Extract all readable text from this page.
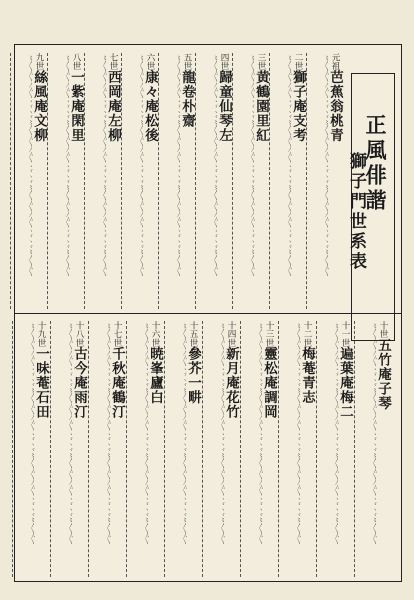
正風俳諧
獅子門世系表
元祖芭蕉翁桃青
〻〱〲〳〴〵ゝゞヽヾ〻〱〲〳〴〵ゝゞヽヾ〻〱〲〳〴〵ゝゞヽヾ〻〱〲
二世獅子庵支考
〻〱〲〳〴〵ゝゞヽヾ〻〱〲〳〴〵ゝゞヽヾ〻〱〲〳〴〵ゝゞヽヾ〻〱〲
三世黄鶴園里紅
〻〱〲〳〴〵ゝゞヽヾ〻〱〲〳〴〵ゝゞヽヾ〻〱〲〳〴〵ゝゞヽヾ〻〱〲
四世歸童仙琴左
〻〱〲〳〴〵ゝゞヽヾ〻〱〲〳〴〵ゝゞヽヾ〻〱〲〳〴〵ゝゞヽヾ〻〱〲
五世龍卷朴齋
〻〱〲〳〴〵ゝゞヽヾ〻〱〲〳〴〵ゝゞヽヾ〻〱〲〳〴〵ゝゞヽヾ〻〱〲
六世康々庵松後
〻〱〲〳〴〵ゝゞヽヾ〻〱〲〳〴〵ゝゞヽヾ〻〱〲〳〴〵ゝゞヽヾ〻〱〲
七世西岡庵左柳
〻〱〲〳〴〵ゝゞヽヾ〻〱〲〳〴〵ゝゞヽヾ〻〱〲〳〴〵ゝゞヽヾ〻〱〲
八世一紫庵閑里
〻〱〲〳〴〵ゝゞヽヾ〻〱〲〳〴〵ゝゞヽヾ〻〱〲〳〴〵ゝゞヽヾ〻〱〲
九世絲風庵文柳
〻〱〲〳〴〵ゝゞヽヾ〻〱〲〳〴〵ゝゞヽヾ〻〱〲〳〴〵ゝゞヽヾ〻〱〲
十世五竹庵子琴
〻〱〲〳〴〵ゝゞヽヾ〻〱〲〳〴〵ゝゞヽヾ〻〱〲〳〴〵ゝゞヽヾ〻〱〲
十一世遍葉庵梅二
〻〱〲〳〴〵ゝゞヽヾ〻〱〲〳〴〵ゝゞヽヾ〻〱〲〳〴〵ゝゞヽヾ〻〱〲
十二世梅菴青志
〻〱〲〳〴〵ゝゞヽヾ〻〱〲〳〴〵ゝゞヽヾ〻〱〲〳〴〵ゝゞヽヾ〻〱〲
十三世靈松庵調岡
〻〱〲〳〴〵ゝゞヽヾ〻〱〲〳〴〵ゝゞヽヾ〻〱〲〳〴〵ゝゞヽヾ〻〱〲
十四世新月庵花竹
〻〱〲〳〴〵ゝゞヽヾ〻〱〲〳〴〵ゝゞヽヾ〻〱〲〳〴〵ゝゞヽヾ〻〱〲
十五世參芥一畊
〻〱〲〳〴〵ゝゞヽヾ〻〱〲〳〴〵ゝゞヽヾ〻〱〲〳〴〵ゝゞヽヾ〻〱〲
十六世暁峯廬白
〻〱〲〳〴〵ゝゞヽヾ〻〱〲〳〴〵ゝゞヽヾ〻〱〲〳〴〵ゝゞヽヾ〻〱〲
十七世千秋庵鶴汀
〻〱〲〳〴〵ゝゞヽヾ〻〱〲〳〴〵ゝゞヽヾ〻〱〲〳〴〵ゝゞヽヾ〻〱〲
十八世古今庵雨汀
〻〱〲〳〴〵ゝゞヽヾ〻〱〲〳〴〵ゝゞヽヾ〻〱〲〳〴〵ゝゞヽヾ〻〱〲
十九世一味菴石田
〻〱〲〳〴〵ゝゞヽヾ〻〱〲〳〴〵ゝゞヽヾ〻〱〲〳〴〵ゝゞヽヾ〻〱〲
